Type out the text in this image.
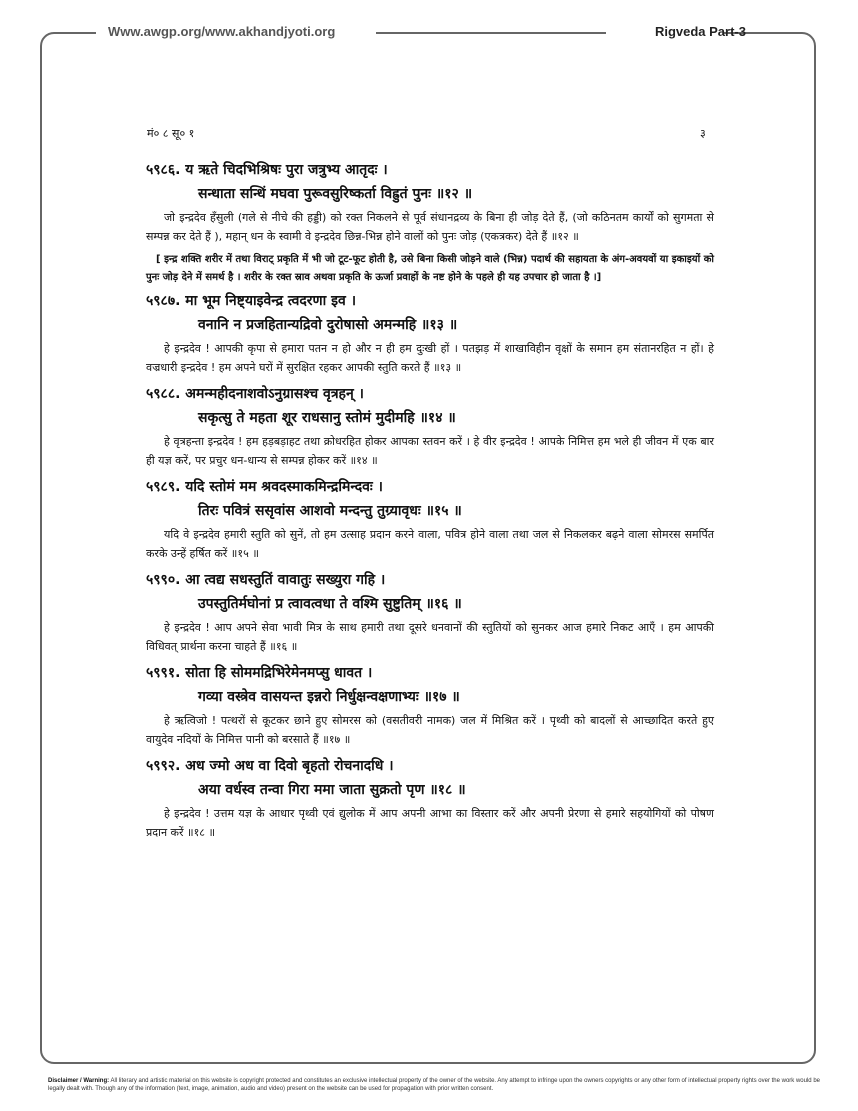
Www.awgp.org/www.akhandjyoti.org	Rigveda Part-3
मं० ८ सू० १	३

५९८६. य ऋते चिदभिश्रिषः पुरा जत्रुभ्य आतृदः ।

सन्धाता सन्धिं मघवा पुरूवसुरिष्कर्ता विह्रुतं पुनः ॥१२ ॥

जो इन्द्रदेव हँसुली (गले से नीचे की हड्डी) को रक्त निकलने से पूर्व संधानद्रव्य के बिना ही जोड़ देते हैं, (जो कठिनतम कार्यों को सुगमता से सम्पन्न कर देते हैं ), महान् धन के स्वामी वे इन्द्रदेव छिन्न-भिन्न होने वालों को पुनः जोड़ (एकत्रकर) देते हैं ॥१२ ॥

[ इन्द्र शक्ति शरीर में तथा विराट् प्रकृति में भी जो टूट-फूट होती है, उसे बिना किसी जोड़ने वाले (भिन्न) पदार्थ की सहायता के अंग-अवयवों या इकाइयों को पुनः जोड़ देने में समर्थ है । शरीर के रक्त स्राव अथवा प्रकृति के ऊर्जा प्रवाहों के नष्ट होने के पहले ही यह उपचार हो जाता है ।]

५९८७. मा भूम निष्ट्याइवेन्द्र त्वदरणा इव ।

वनानि न प्रजहितान्यद्रिवो दुरोषासो अमन्महि ॥१३ ॥

हे इन्द्रदेव ! आपकी कृपा से हमारा पतन न हो और न ही हम दुःखी हों । पतझड़ में शाखाविहीन वृक्षों के समान हम संतानरहित न हों। हे वज्रधारी इन्द्रदेव ! हम अपने घरों में सुरक्षित रहकर आपकी स्तुति करते हैं ॥१३ ॥

५९८८. अमन्महीदनाशवोऽनुग्रासश्च वृत्रहन् ।

सकृत्सु ते महता शूर राधसानु स्तोमं मुदीमहि ॥१४ ॥

हे वृत्रहन्ता इन्द्रदेव ! हम हड़बड़ाहट तथा क्रोधरहित होकर आपका स्तवन करें । हे वीर इन्द्रदेव ! आपके निमित्त हम भले ही जीवन में एक बार ही यज्ञ करें, पर प्रचुर धन-धान्य से सम्पन्न होकर करें ॥१४ ॥

५९८९. यदि स्तोमं मम श्रवदस्माकमिन्द्रमिन्दवः ।

तिरः पवित्रं ससृवांस आशवो मन्दन्तु तुग्र्यावृधः ॥१५ ॥

यदि वे इन्द्रदेव हमारी स्तुति को सुनें, तो हम उत्साह प्रदान करने वाला, पवित्र होने वाला तथा जल से निकलकर बढ़ने वाला सोमरस समर्पित करके उन्हें हर्षित करें ॥१५ ॥

५९९०. आ त्वद्य सधस्तुतिं वावातुः सख्युरा गहि ।

उपस्तुतिर्मघोनां प्र त्वावत्वधा ते वश्मि सुष्टुतिम् ॥१६ ॥

हे इन्द्रदेव ! आप अपने सेवा भावी मित्र के साथ हमारी तथा दूसरे धनवानों की स्तुतियों को सुनकर आज हमारे निकट आएँ । हम आपकी विधिवत् प्रार्थना करना चाहते हैं ॥१६ ॥

५९९१. सोता हि सोममद्रिभिरेमेनमप्सु धावत ।

गव्या वस्त्रेव वासयन्त इन्नरो निर्धुक्षन्वक्षणाभ्यः ॥१७ ॥

हे ऋत्विजो ! पत्थरों से कूटकर छाने हुए सोमरस को (वसतीवरी नामक) जल में मिश्रित करें । पृथ्वी को बादलों से आच्छादित करते हुए वायुदेव नदियों के निमित्त पानी को बरसाते हैं ॥१७ ॥

५९९२. अध ज्मो अध वा दिवो बृहतो रोचनादधि ।

अया वर्धस्व तन्वा गिरा ममा जाता सुक्रतो पृण ॥१८ ॥

हे इन्द्रदेव ! उत्तम यज्ञ के आधार पृथ्वी एवं द्युलोक में आप अपनी आभा का विस्तार करें और अपनी प्रेरणा से हमारे सहयोगियों को पोषण प्रदान करें ॥१८ ॥

Disclaimer / Warning: All literary and artistic material on this website is copyright protected and constitutes an exclusive intellectual property of the owner of the website. Any attempt to infringe upon the owners copyrights or any other form of intellectual property rights over the work would be legally dealt with. Though any of the information (text, image, animation, audio and video) present on the website can be used for propagation with prior written consent.
